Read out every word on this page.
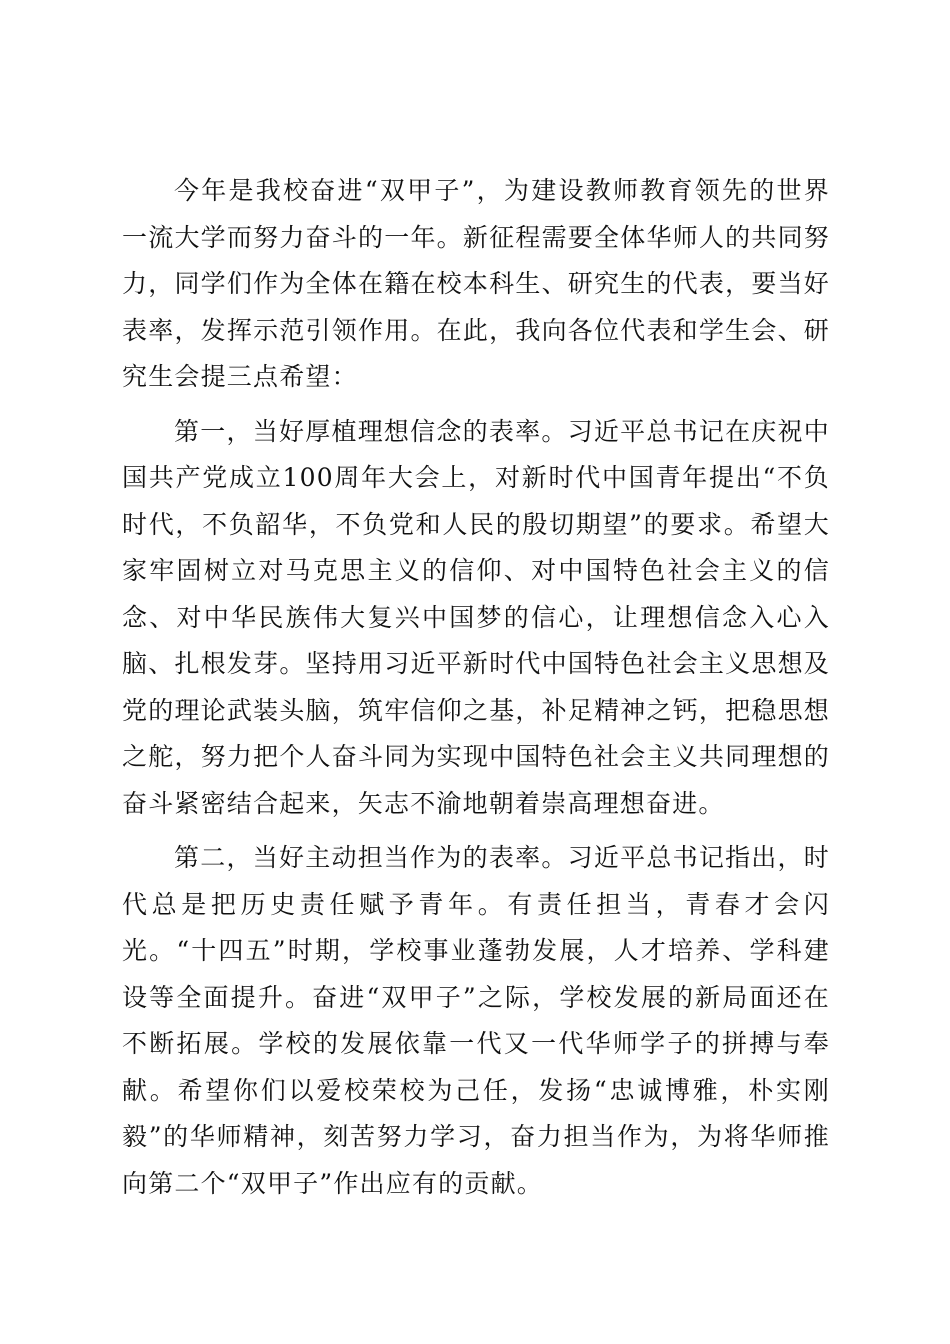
今年是我校奋进“双甲子”，为建设教师教育领先的世界一流大学而努力奋斗的一年。新征程需要全体华师人的共同努力，同学们作为全体在籍在校本科生、研究生的代表，要当好表率，发挥示范引领作用。在此，我向各位代表和学生会、研究生会提三点希望：

第一，当好厚植理想信念的表率。习近平总书记在庆祝中国共产党成立100周年大会上，对新时代中国青年提出“不负时代，不负韶华，不负党和人民的殷切期望”的要求。希望大家牢固树立对马克思主义的信仰、对中国特色社会主义的信念、对中华民族伟大复兴中国梦的信心，让理想信念入心入脑、扎根发芽。坚持用习近平新时代中国特色社会主义思想及党的理论武装头脑，筑牢信仰之基，补足精神之钙，把稳思想之舵，努力把个人奋斗同为实现中国特色社会主义共同理想的奋斗紧密结合起来，矢志不渝地朝着崇高理想奋进。

第二，当好主动担当作为的表率。习近平总书记指出，时代总是把历史责任赋予青年。有责任担当，青春才会闪光。“十四五”时期，学校事业蓬勃发展，人才培养、学科建设等全面提升。奋进“双甲子”之际，学校发展的新局面还在不断拓展。学校的发展依靠一代又一代华师学子的拼搏与奉献。希望你们以爱校荣校为己任，发扬“忠诚博雅，朴实刚毅”的华师精神，刻苦努力学习，奋力担当作为，为将华师推向第二个“双甲子”作出应有的贡献。
